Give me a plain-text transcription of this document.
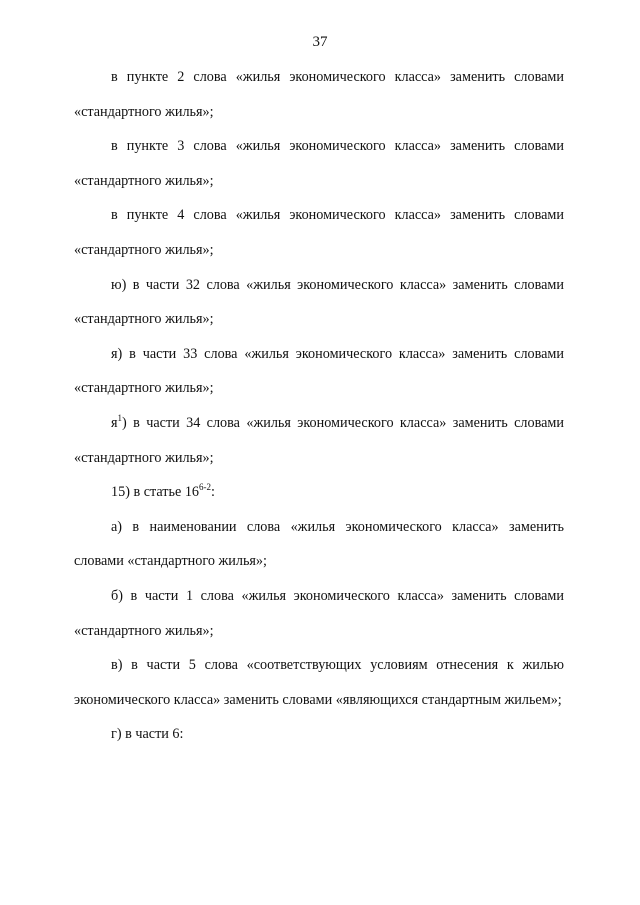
37

в пункте 2 слова «жилья экономического класса» заменить словами «стандартного жилья»;

в пункте 3 слова «жилья экономического класса» заменить словами «стандартного жилья»;

в пункте 4 слова «жилья экономического класса» заменить словами «стандартного жилья»;

ю) в части 32 слова «жилья экономического класса» заменить словами «стандартного жилья»;

я) в части 33 слова «жилья экономического класса» заменить словами «стандартного жилья»;

$я^1$) в части 34 слова «жилья экономического класса» заменить словами «стандартного жилья»;

15) в статье 16$^{6-2}$:

а) в наименовании слова «жилья экономического класса» заменить словами «стандартного жилья»;

б) в части 1 слова «жилья экономического класса» заменить словами «стандартного жилья»;

в) в части 5 слова «соответствующих условиям отнесения к жилью экономического класса» заменить словами «являющихся стандартным жильем»;

г) в части 6:
